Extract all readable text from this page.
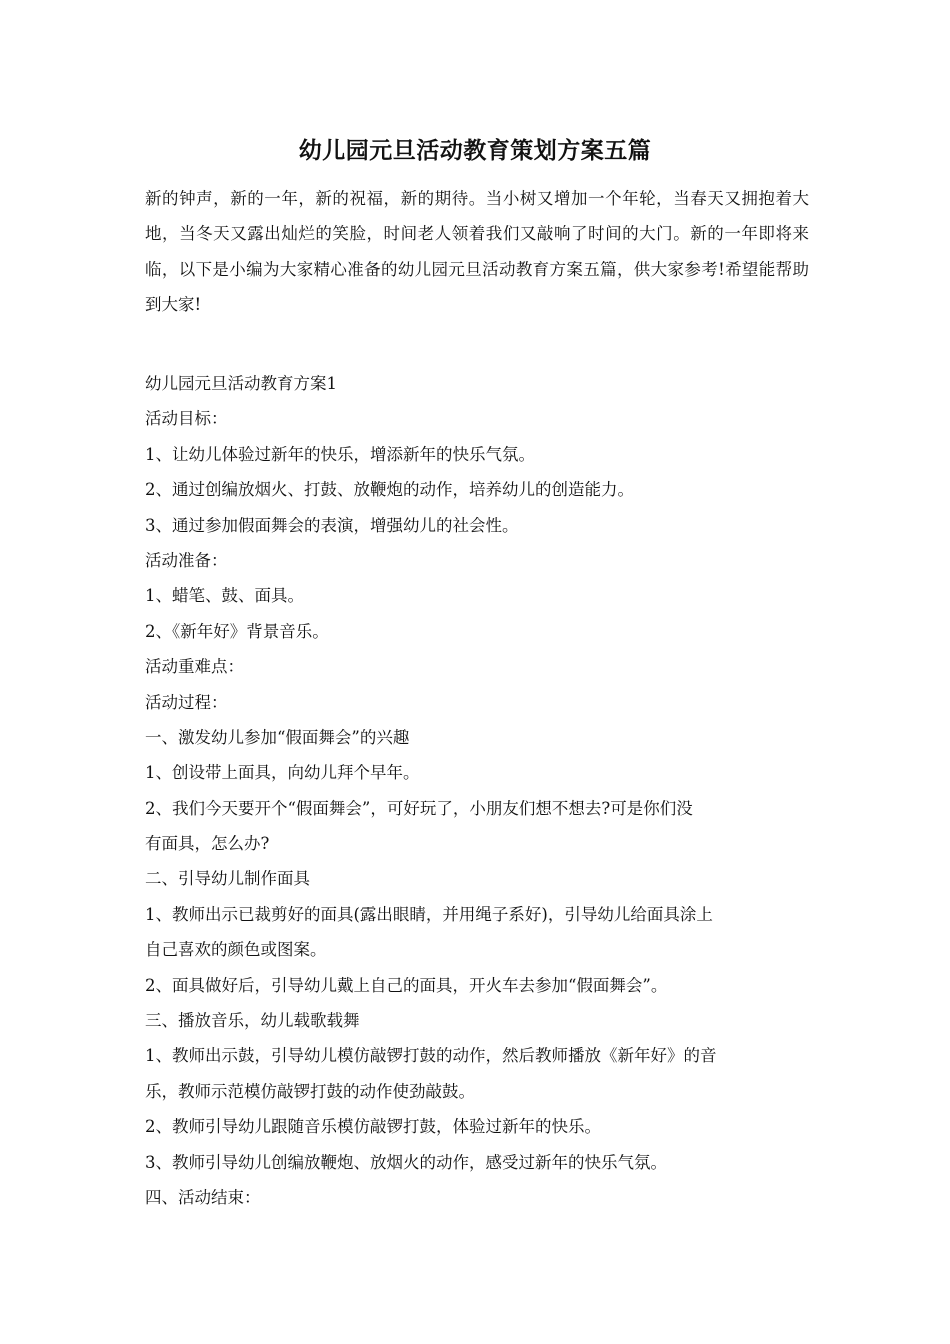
幼儿园元旦活动教育策划方案五篇
新的钟声，新的一年，新的祝福，新的期待。当小树又增加一个年轮，当春天又拥抱着大地，当冬天又露出灿烂的笑脸，时间老人领着我们又敲响了时间的大门。新的一年即将来临，以下是小编为大家精心准备的幼儿园元旦活动教育方案五篇，供大家参考!希望能帮助到大家!
幼儿园元旦活动教育方案1
活动目标：
1、让幼儿体验过新年的快乐，增添新年的快乐气氛。
2、通过创编放烟火、打鼓、放鞭炮的动作，培养幼儿的创造能力。
3、通过参加假面舞会的表演，增强幼儿的社会性。
活动准备：
1、蜡笔、鼓、面具。
2、《新年好》背景音乐。
活动重难点：
活动过程：
一、激发幼儿参加“假面舞会”的兴趣
1、创设带上面具，向幼儿拜个早年。
2、我们今天要开个“假面舞会”，可好玩了，小朋友们想不想去?可是你们没
有面具，怎么办?
二、引导幼儿制作面具
1、教师出示已裁剪好的面具(露出眼睛，并用绳子系好)，引导幼儿给面具涂上
自己喜欢的颜色或图案。
2、面具做好后，引导幼儿戴上自己的面具，开火车去参加“假面舞会”。
三、播放音乐，幼儿载歌载舞
1、教师出示鼓，引导幼儿模仿敲锣打鼓的动作，然后教师播放《新年好》的音
乐，教师示范模仿敲锣打鼓的动作使劲敲鼓。
2、教师引导幼儿跟随音乐模仿敲锣打鼓，体验过新年的快乐。
3、教师引导幼儿创编放鞭炮、放烟火的动作，感受过新年的快乐气氛。
四、活动结束：
